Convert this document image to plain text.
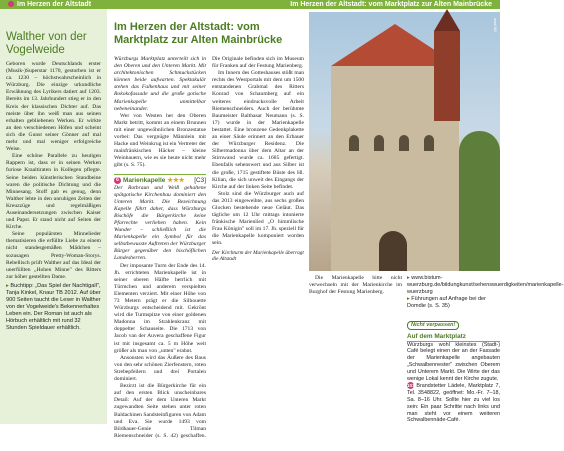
Im Herzen der Altstadt	Im Herzen der Altstadt: vom Marktplatz zur Alten Mainbrücke
Walther von der Vogelweide

Geboren wurde Deutschlands erster (Musik-)Superstar 1170, gestorben ist er ca. 1230 – höchstwahrscheinlich in Würzburg. Die einzige urkundliche Erwähnung des Lyrikers datiert auf 1203. Bereits im 13. Jahrhundert stieg er in den Kreis der klassischen Dichter auf. Das meiste über ihn weiß man aus seinen erhalten gebliebenen Werken. Er wirkte an den verschiedenen Höfen und scheint sich die Gunst seiner Gönner auf mal mehr und mal weniger erfolgreiche Weise.

Eine schöne Parallele zu heutigen Rappern ist, dass er in seinen Werken furiose Kraaltiraten in Kollegen pflegte. Seine beiden künstlerischen Standbeine waren die politische Dichtung und die Minnesang. Stoff gab es genug, denn Walther lebte in den unruhigen Zeiten der Kreuzzüge und regelmäßigen Auseinandersetzungen zwischen Kaiser und Papst. Er stand nicht auf Seiten der Kirche.

Seine populärsten Minnelieder thematisieren die erfüllte Liebe zu einem nicht standesgemäßen Mädchen – sozusagen Pretty-Woman-Storys. Rebellisch prüft Walther auf das Ideal der unerfüllten „Hohen Minne" des Ritters zur höher gestellten Dame.

▸ Buchtipp: „Das Spiel der Nachtigall", Tanja Kinkel, Knaur TB 2012. Auf über 900 Seiten taucht die Leser in Walther von der Vogelweide's Bekennerhaltes Leben ein. Der Roman ist auch als Hörbuch erhältlich mit rund 32 Stunden Spieldauer erhältlich.
Im Herzen der Altstadt: vom Marktplatz zur Alten Mainbrücke

Würzburgs Marktplatz unterteilt sich in den Oberen und den Unteren Markt. Mit architektonischen Schmuckstücken können beide aufwarten. Spektakulär stehen das Falkenhaus und mit seiner Rokokofassade und die große gotische Marienkapelle unmittelbar nebeneinander.

Wer von Westen her den Oberen Markt betritt, kommt an einem Brunnen mit einer ungewöhnlichen Bronzestatue vorbei: Das vergnügte Männlein mit Hacke und Weinkrug ist ein Vertreter der mainfränkischen Häcker – kleine Weinbauern, wie es sie heute nicht mehr gibt (s. S. 75).

6 Marienkapelle ★★★ [C3]

Der Rotbraun und Weiß gehaltene spätgotische Kirchenbau dominiert den Unteren Markt. Die Bezeichnung Kapelle führt daher, dass Würzburgs Bischöfe die Bürgerkirche keine Pfarrechte verliehen haben. Kein Wunder – schließlich ist die Marienkapelle ein Symbol für das selbstbewusste Auftreten der Würzburger Bürger gegenüber den bischöflichen Landesherren.

Der imposante Turm der Ende des 14. Jh. errichteten Marienkapelle ist in seiner oberen Hälfte herrlich mit Türmchen und anderem verspielten Elementen verziert. Mit einer Höhe von 73 Metern prägt er die Silhouette Würzburgs entscheidend mit. Gekrönt wird die Turmspitze von einer goldenen Madonna im Strahlenkranz mit doppelter Schauseite. Die 1713 von Jacob van der Auvera geschaffene Figur ist mit insgesamt ca. 5 m Höhe weit größer als man von „unten" erahnt.

Ansonsten wird das Äußere des Baus von den sehr schönen Zierfenstern, roten Strebepfeilern und drei Portalen dominiert.

Bezirzt ist die Bürgerkirche für ein auf den ersten Blick unscheinbares Detail: Auf der dem Unteren Markt zugewandten Seite stehen unter roten Baldachinen Sandsteinfiguren von Adam und Eva. Sie wurde 1493 vom Bildhauer-Genie Tilman Riemenschneider (s. S. 42) geschaffen. Die Originale befinden sich im Museum für Franken auf der Festung Marienberg.

Im Innern des Gotteshauses stößt man rechts des Westportals mit dem um 1500 entstandenen Grabmal des Ritters Konrad von Schaumberg auf ein weiteres eindrucksvolle Arbeit Riemenschneiders. Auch der berühmte Baumeister Balthasar Neumann (s. S. 17) wurde in der Marienkapelle bestattet. Eine bronzene Gedenkplakette an einer Säule erinnert an den Erbauer der Würzburger Residenz. Die Silbermadonna über dem Altar an der Stirnwand wurde ca. 1685 gefertigt. Ebenfalls sehenswert und aus Silber ist die große, 1715 gestiftete Büste des Hl. Kilian, die sich unweit des Eingangs der Kirche auf der linken Seite befindet.

Stolz sind die Würzburger auch auf das 2013 eingeweihte, aus sechs großen Glocken bestehende neue Geläut. Das tägliche um 12 Uhr mittags intonierte fränkische Marienlied „O himmlische Frau Königin" soll im 17. Jh. speziell für die Marienkapelle komponiert worden sein.

Der Kirchturm der Marienkapelle überragt die Altstadt
wue062

Die Marienkapelle bitte nicht verwechseln mit der Marienkirche im Burghof der Festung Marienberg.

▸ www.bistum-wuerzburg.de/bildungkunst/sehenswuerdigkeiten/marienkapelle-wuerzburg
▸ Führungen auf Anfrage bei der Domdie (s. S. 35)
Nicht verpassen!
Auf dem Marktplatz

Würzburgs wohl kleinstes (Stadt-) Café belegt einen der an der Fassade der Marienkapelle angebauten „Schwalbennester" zwischen Oberem und Unterem Markt. Die Wirte der das wenige Lokal kennt der Kirche zugute.

101 Brandstetter Lädele, Marktplatz 7, Tel. 3548822, geöffnet: Mo.-Fr. 7–18, Sa. 8–16 Uhr. Sollte hier zu viel los sein: Ein paar Schritte nach links und man steht vor einem weiteren Schwalbennäde-Café.
